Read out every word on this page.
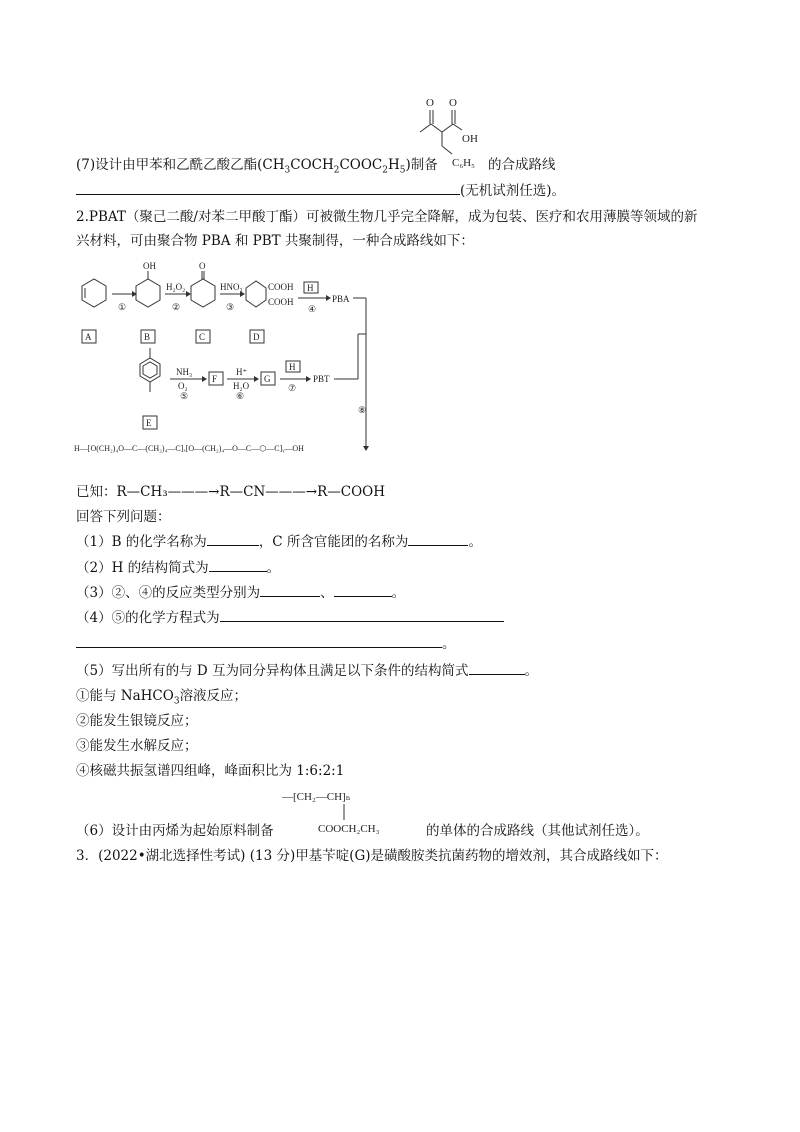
O O
OH
C₆H₅
(7)设计由甲苯和乙酰乙酸乙酯$(CH_3COCH_2COOC_2H_5)$制备	的合成路线
(无机试剂任选)。
2.PBAT（聚己二酸/对苯二甲酸丁酯）可被微生物几乎完全降解，成为包装、医疗和农用薄膜等领域的新
兴材料，可由聚合物 PBA 和 PBT 共聚制得，一种合成路线如下：
①
OH
H₂O₂
②
O
HNO₃
③
COOH
COOH
H
④
PBA
A	B	C	D
E
NH₃
O₂
⑤
F
H⁺
H₂O
⑥
G
H
⑦
PBT
⑧
H—[O(CH₂)₄O—C—(CH₂)₄—C]ₓ[O—(CH₂)₄—O—C—⬡—C]ᵧ—OH
已知：R—CH₃———→R—CN———→R—COOH
回答下列问题：
（1）B 的化学名称为	，C 所含官能团的名称为	。
（2）H 的结构简式为	。
（3）②、④的反应类型分别为	、	。
（4）⑤的化学方程式为
。
（5）写出所有的与 D 互为同分异构体且满足以下条件的结构简式	。
①能与 NaHCO$_3$溶液反应；
②能发生银镜反应；
③能发生水解反应；
④核磁共振氢谱四组峰，峰面积比为 1:6:2:1
—[CH₂—CH]ₙ
COOCH₂CH₃
（6）设计由丙烯为起始原料制备	的单体的合成路线（其他试剂任选）。
3．(2022•湖北选择性考试) (13 分)甲基苄啶(G)是磺酸胺类抗菌药物的增效剂，其合成路线如下：
